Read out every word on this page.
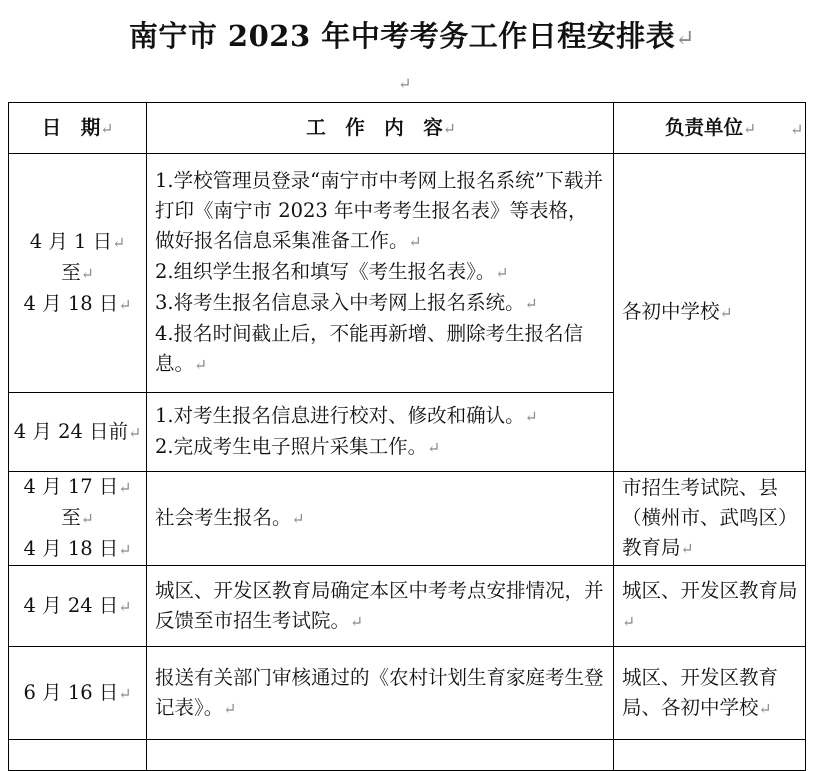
南宁市 2023 年中考考务工作日程安排表↵
↵
↵
日　期↵	工　作　内　容↵	负责单位↵

4 月 1 日↵
至↵
4 月 18 日↵	1.学校管理员登录“南宁市中考网上报名系统”下载并打印《南宁市 2023 年中考考生报名表》等表格，做好报名信息采集准备工作。↵
2.组织学生报名和填写《考生报名表》。↵
3.将考生报名信息录入中考网上报名系统。↵
4.报名时间截止后，不能再新增、删除考生报名信息。↵	各初中学校↵
4 月 24 日前↵	1.对考生报名信息进行校对、修改和确认。↵
2.完成考生电子照片采集工作。↵	

4 月 17 日↵
至↵
4 月 18 日↵	社会考生报名。↵	市招生考试院、县（横州市、武鸣区）教育局↵
4 月 24 日↵	城区、开发区教育局确定本区中考考点安排情况，并反馈至市招生考试院。↵	城区、开发区教育局↵
6 月 16 日↵	报送有关部门审核通过的《农村计划生育家庭考生登记表》。↵	城区、开发区教育局、各初中学校↵
